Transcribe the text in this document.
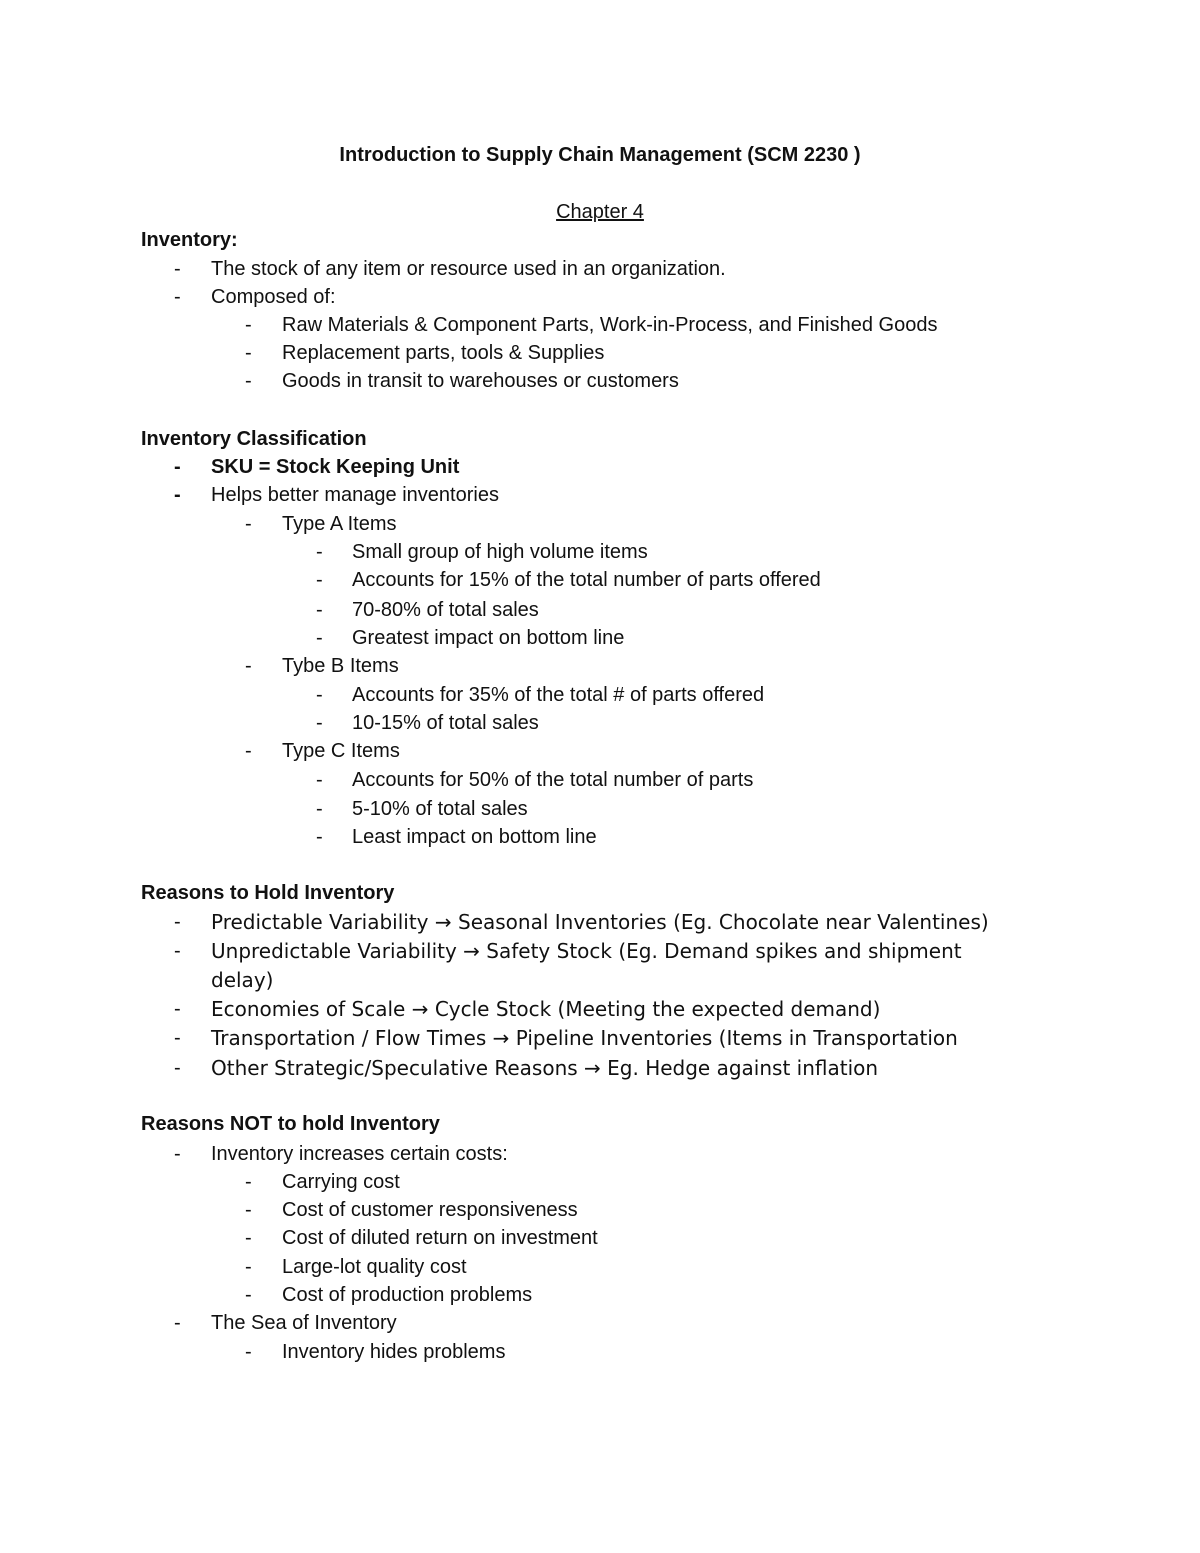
Introduction to Supply Chain Management (SCM 2230 )
Chapter 4
Inventory:
- The stock of any item or resource used in an organization.
- Composed of:
- Raw Materials & Component Parts, Work-in-Process, and Finished Goods
- Replacement parts, tools & Supplies
- Goods in transit to warehouses or customers
Inventory Classification
- SKU = Stock Keeping Unit
- Helps better manage inventories
- Type A Items
- Small group of high volume items
- Accounts for 15% of the total number of parts offered
- 70-80% of total sales
- Greatest impact on bottom line
- Tybe B Items
- Accounts for 35% of the total # of parts offered
- 10-15% of total sales
- Type C Items
- Accounts for 50% of the total number of parts
- 5-10% of total sales
- Least impact on bottom line
Reasons to Hold Inventory
- Predictable Variability → Seasonal Inventories (Eg. Chocolate near Valentines)
- Unpredictable Variability → Safety Stock (Eg. Demand spikes and shipment
delay)
- Economies of Scale → Cycle Stock (Meeting the expected demand)
- Transportation / Flow Times → Pipeline Inventories (Items in Transportation
- Other Strategic/Speculative Reasons → Eg. Hedge against inflation
Reasons NOT to hold Inventory
- Inventory increases certain costs:
- Carrying cost
- Cost of customer responsiveness
- Cost of diluted return on investment
- Large-lot quality cost
- Cost of production problems
- The Sea of Inventory
- Inventory hides problems
